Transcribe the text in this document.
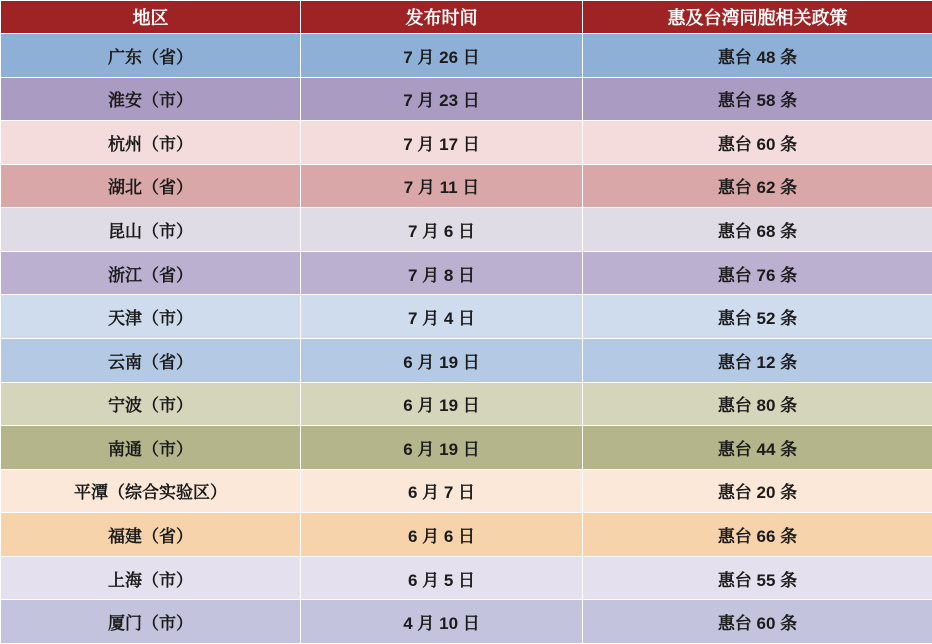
地区	发布时间	惠及台湾同胞相关政策
广东（省）	7 月 26 日	惠台 48 条
淮安（市）	7 月 23 日	惠台 58 条
杭州（市）	7 月 17 日	惠台 60 条
湖北（省）	7 月 11 日	惠台 62 条
昆山（市）	7 月 6 日	惠台 68 条
浙江（省）	7 月 8 日	惠台 76 条
天津（市）	7 月 4 日	惠台 52 条
云南（省）	6 月 19 日	惠台 12 条
宁波（市）	6 月 19 日	惠台 80 条
南通（市）	6 月 19 日	惠台 44 条
平潭（综合实验区）	6 月 7 日	惠台 20 条
福建（省）	6 月 6 日	惠台 66 条
上海（市）	6 月 5 日	惠台 55 条
厦门（市）	4 月 10 日	惠台 60 条
